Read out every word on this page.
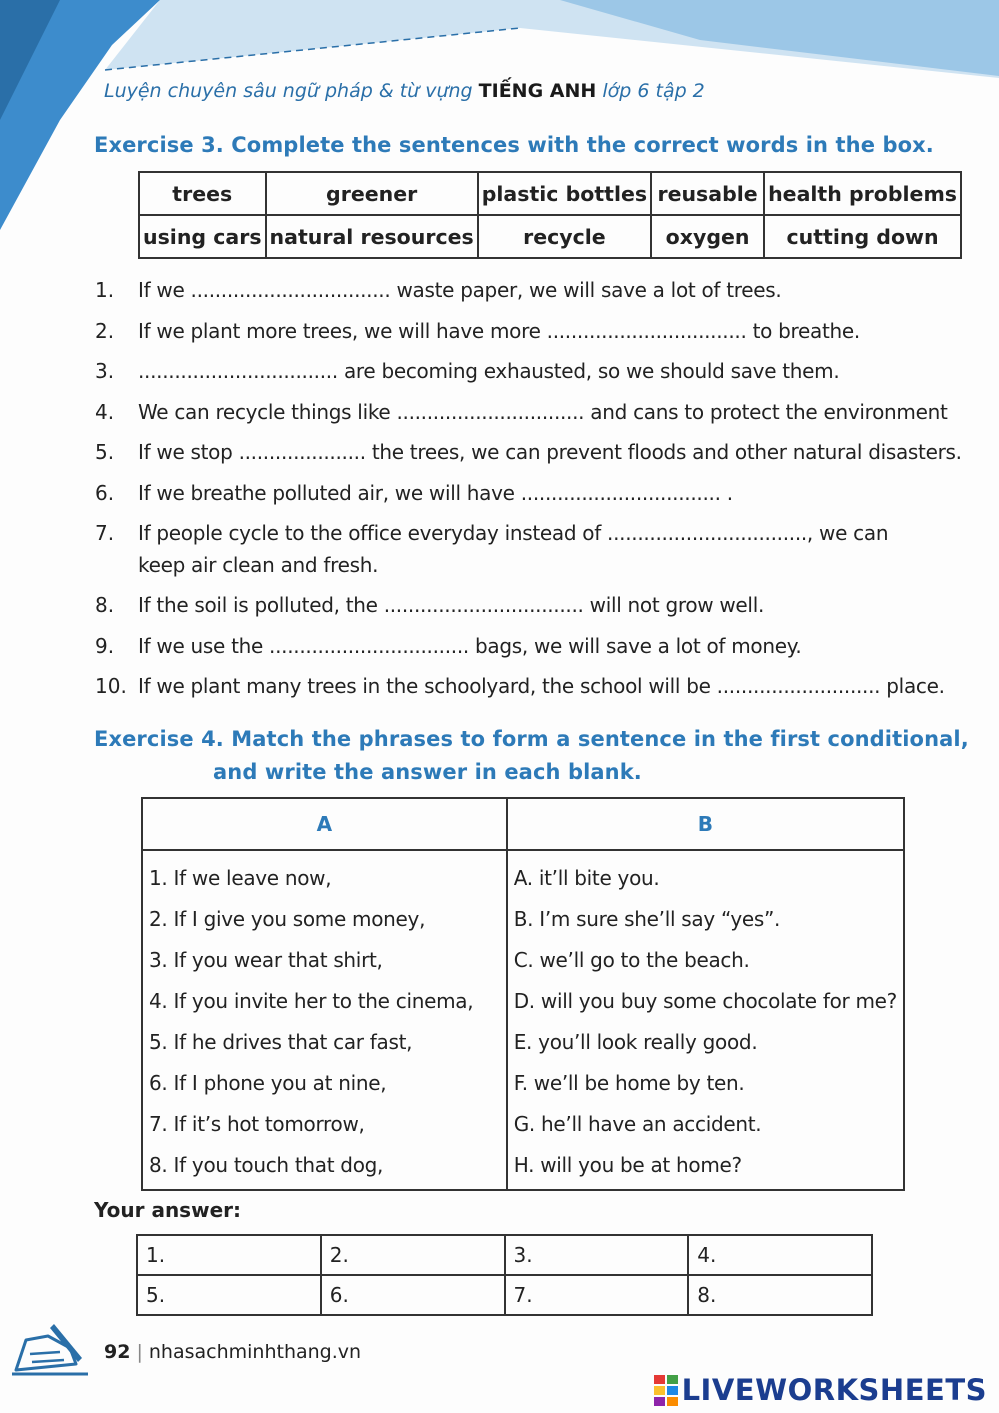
Luyện chuyên sâu ngữ pháp & từ vựng TIẾNG ANH lớp 6 tập 2
Exercise 3. Complete the sentences with the correct words in the box.
trees	greener	plastic bottles	reusable	health problems
using cars	natural resources	recycle	oxygen	cutting down
1.	If we ................................. waste paper, we will save a lot of trees.
2.	If we plant more trees, we will have more ................................. to breathe.
3.	................................. are becoming exhausted, so we should save them.
4.	We can recycle things like ............................... and cans to protect the environment
5.	If we stop ..................... the trees, we can prevent floods and other natural disasters.
6.	If we breathe polluted air, we will have ................................. .
7.	If people cycle to the office everyday instead of ................................., we can keep air clean and fresh.
8.	If the soil is polluted, the ................................. will not grow well.
9.	If we use the ................................. bags, we will save a lot of money.
10. If we plant many trees in the schoolyard, the school will be ........................... place.
Exercise 4. Match the phrases to form a sentence in the first conditional,
and write the answer in each blank.
A	B
1. If we leave now,	A. it’ll bite you.
2. If I give you some money,	B. I’m sure she’ll say “yes”.
3. If you wear that shirt,	C. we’ll go to the beach.
4. If you invite her to the cinema,	D. will you buy some chocolate for me?
5. If he drives that car fast,	E. you’ll look really good.
6. If I phone you at nine,	F. we’ll be home by ten.
7. If it’s hot tomorrow,	G. he’ll have an accident.
8. If you touch that dog,	H. will you be at home?
Your answer:
1.	2.	3.	4.
5.	6.	7.	8.
92 | nhasachminhthang.vn
LIVEWORKSHEETS
